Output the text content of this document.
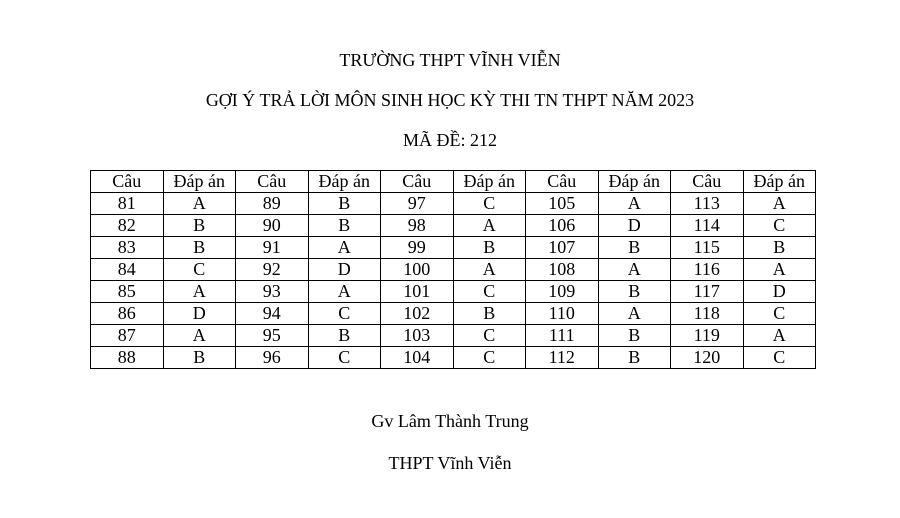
TRƯỜNG THPT VĨNH VIỄN
GỢI Ý TRẢ LỜI MÔN SINH HỌC KỲ THI TN THPT NĂM 2023
MÃ ĐỀ: 212
Câu	Đáp án	Câu	Đáp án	Câu	Đáp án	Câu	Đáp án	Câu	Đáp án
81	A	89	B	97	C	105	A	113	A
82	B	90	B	98	A	106	D	114	C
83	B	91	A	99	B	107	B	115	B
84	C	92	D	100	A	108	A	116	A
85	A	93	A	101	C	109	B	117	D
86	D	94	C	102	B	110	A	118	C
87	A	95	B	103	C	111	B	119	A
88	B	96	C	104	C	112	B	120	C
Gv Lâm Thành Trung
THPT Vĩnh Viễn
